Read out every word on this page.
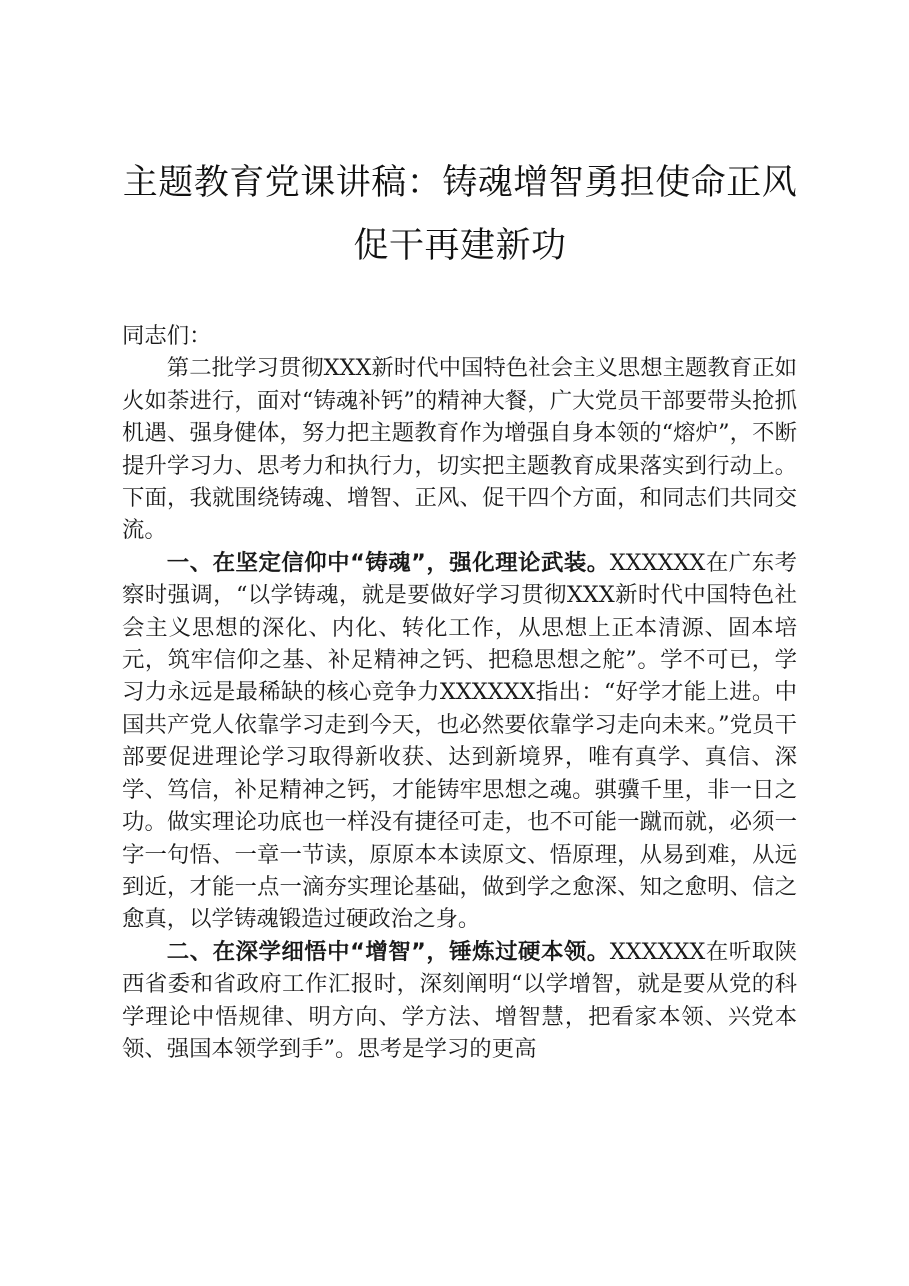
主题教育党课讲稿：铸魂增智勇担使命正风促干再建新功

同志们：

第二批学习贯彻XXX新时代中国特色社会主义思想主题教育正如火如荼进行，面对“铸魂补钙”的精神大餐，广大党员干部要带头抢抓机遇、强身健体，努力把主题教育作为增强自身本领的“熔炉”，不断提升学习力、思考力和执行力，切实把主题教育成果落实到行动上。下面，我就围绕铸魂、增智、正风、促干四个方面，和同志们共同交流。

一、在坚定信仰中“铸魂”，强化理论武装。XXXXXX在广东考察时强调，“以学铸魂，就是要做好学习贯彻XXX新时代中国特色社会主义思想的深化、内化、转化工作，从思想上正本清源、固本培元，筑牢信仰之基、补足精神之钙、把稳思想之舵”。学不可已，学习力永远是最稀缺的核心竞争力XXXXXX指出：“好学才能上进。中国共产党人依靠学习走到今天，也必然要依靠学习走向未来。”党员干部要促进理论学习取得新收获、达到新境界，唯有真学、真信、深学、笃信，补足精神之钙，才能铸牢思想之魂。骐骥千里，非一日之功。做实理论功底也一样没有捷径可走，也不可能一蹴而就，必须一字一句悟、一章一节读，原原本本读原文、悟原理，从易到难，从远到近，才能一点一滴夯实理论基础，做到学之愈深、知之愈明、信之愈真，以学铸魂锻造过硬政治之身。

二、在深学细悟中“增智”，锤炼过硬本领。XXXXXX在听取陕西省委和省政府工作汇报时，深刻阐明“以学增智，就是要从党的科学理论中悟规律、明方向、学方法、增智慧，把看家本领、兴党本领、强国本领学到手”。思考是学习的更高
